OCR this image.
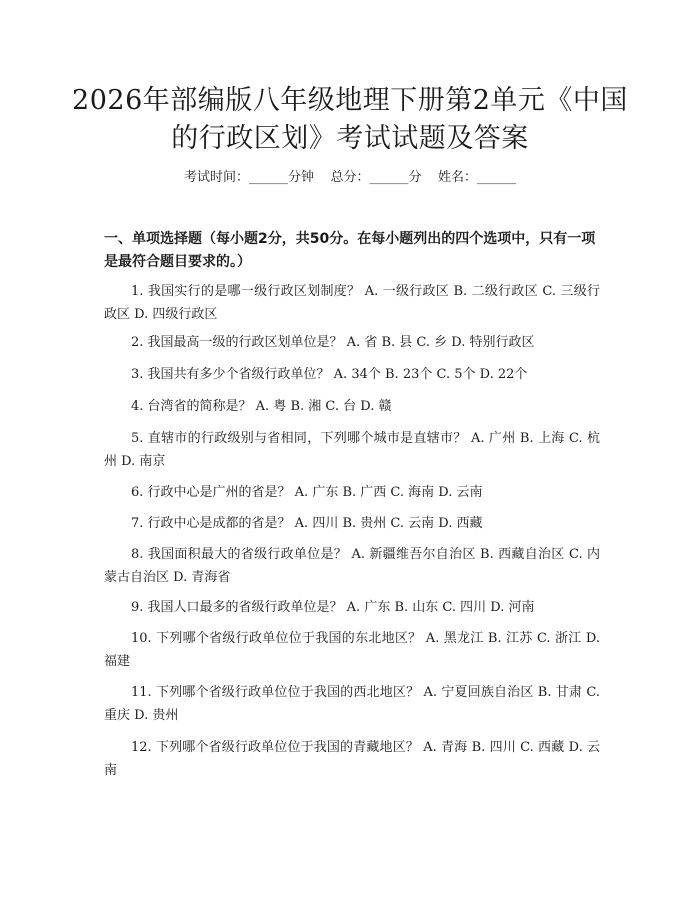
2026年部编版八年级地理下册第2单元《中国的行政区划》考试试题及答案
考试时间：______分钟    总分：______分    姓名：______
一、单项选择题（每小题2分，共50分。在每小题列出的四个选项中，只有一项是最符合题目要求的。）
1. 我国实行的是哪一级行政区划制度？ A. 一级行政区 B. 二级行政区 C. 三级行政区 D. 四级行政区
2. 我国最高一级的行政区划单位是？ A. 省 B. 县 C. 乡 D. 特别行政区
3. 我国共有多少个省级行政单位？ A. 34个 B. 23个 C. 5个 D. 22个
4. 台湾省的简称是？ A. 粤 B. 湘 C. 台 D. 赣
5. 直辖市的行政级别与省相同，下列哪个城市是直辖市？ A. 广州 B. 上海 C. 杭州 D. 南京
6. 行政中心是广州的省是？ A. 广东 B. 广西 C. 海南 D. 云南
7. 行政中心是成都的省是？ A. 四川 B. 贵州 C. 云南 D. 西藏
8. 我国面积最大的省级行政单位是？ A. 新疆维吾尔自治区 B. 西藏自治区 C. 内蒙古自治区 D. 青海省
9. 我国人口最多的省级行政单位是？ A. 广东 B. 山东 C. 四川 D. 河南
10. 下列哪个省级行政单位位于我国的东北地区？ A. 黑龙江 B. 江苏 C. 浙江 D. 福建
11. 下列哪个省级行政单位位于我国的西北地区？ A. 宁夏回族自治区 B. 甘肃 C. 重庆 D. 贵州
12. 下列哪个省级行政单位位于我国的青藏地区？ A. 青海 B. 四川 C. 西藏 D. 云南
